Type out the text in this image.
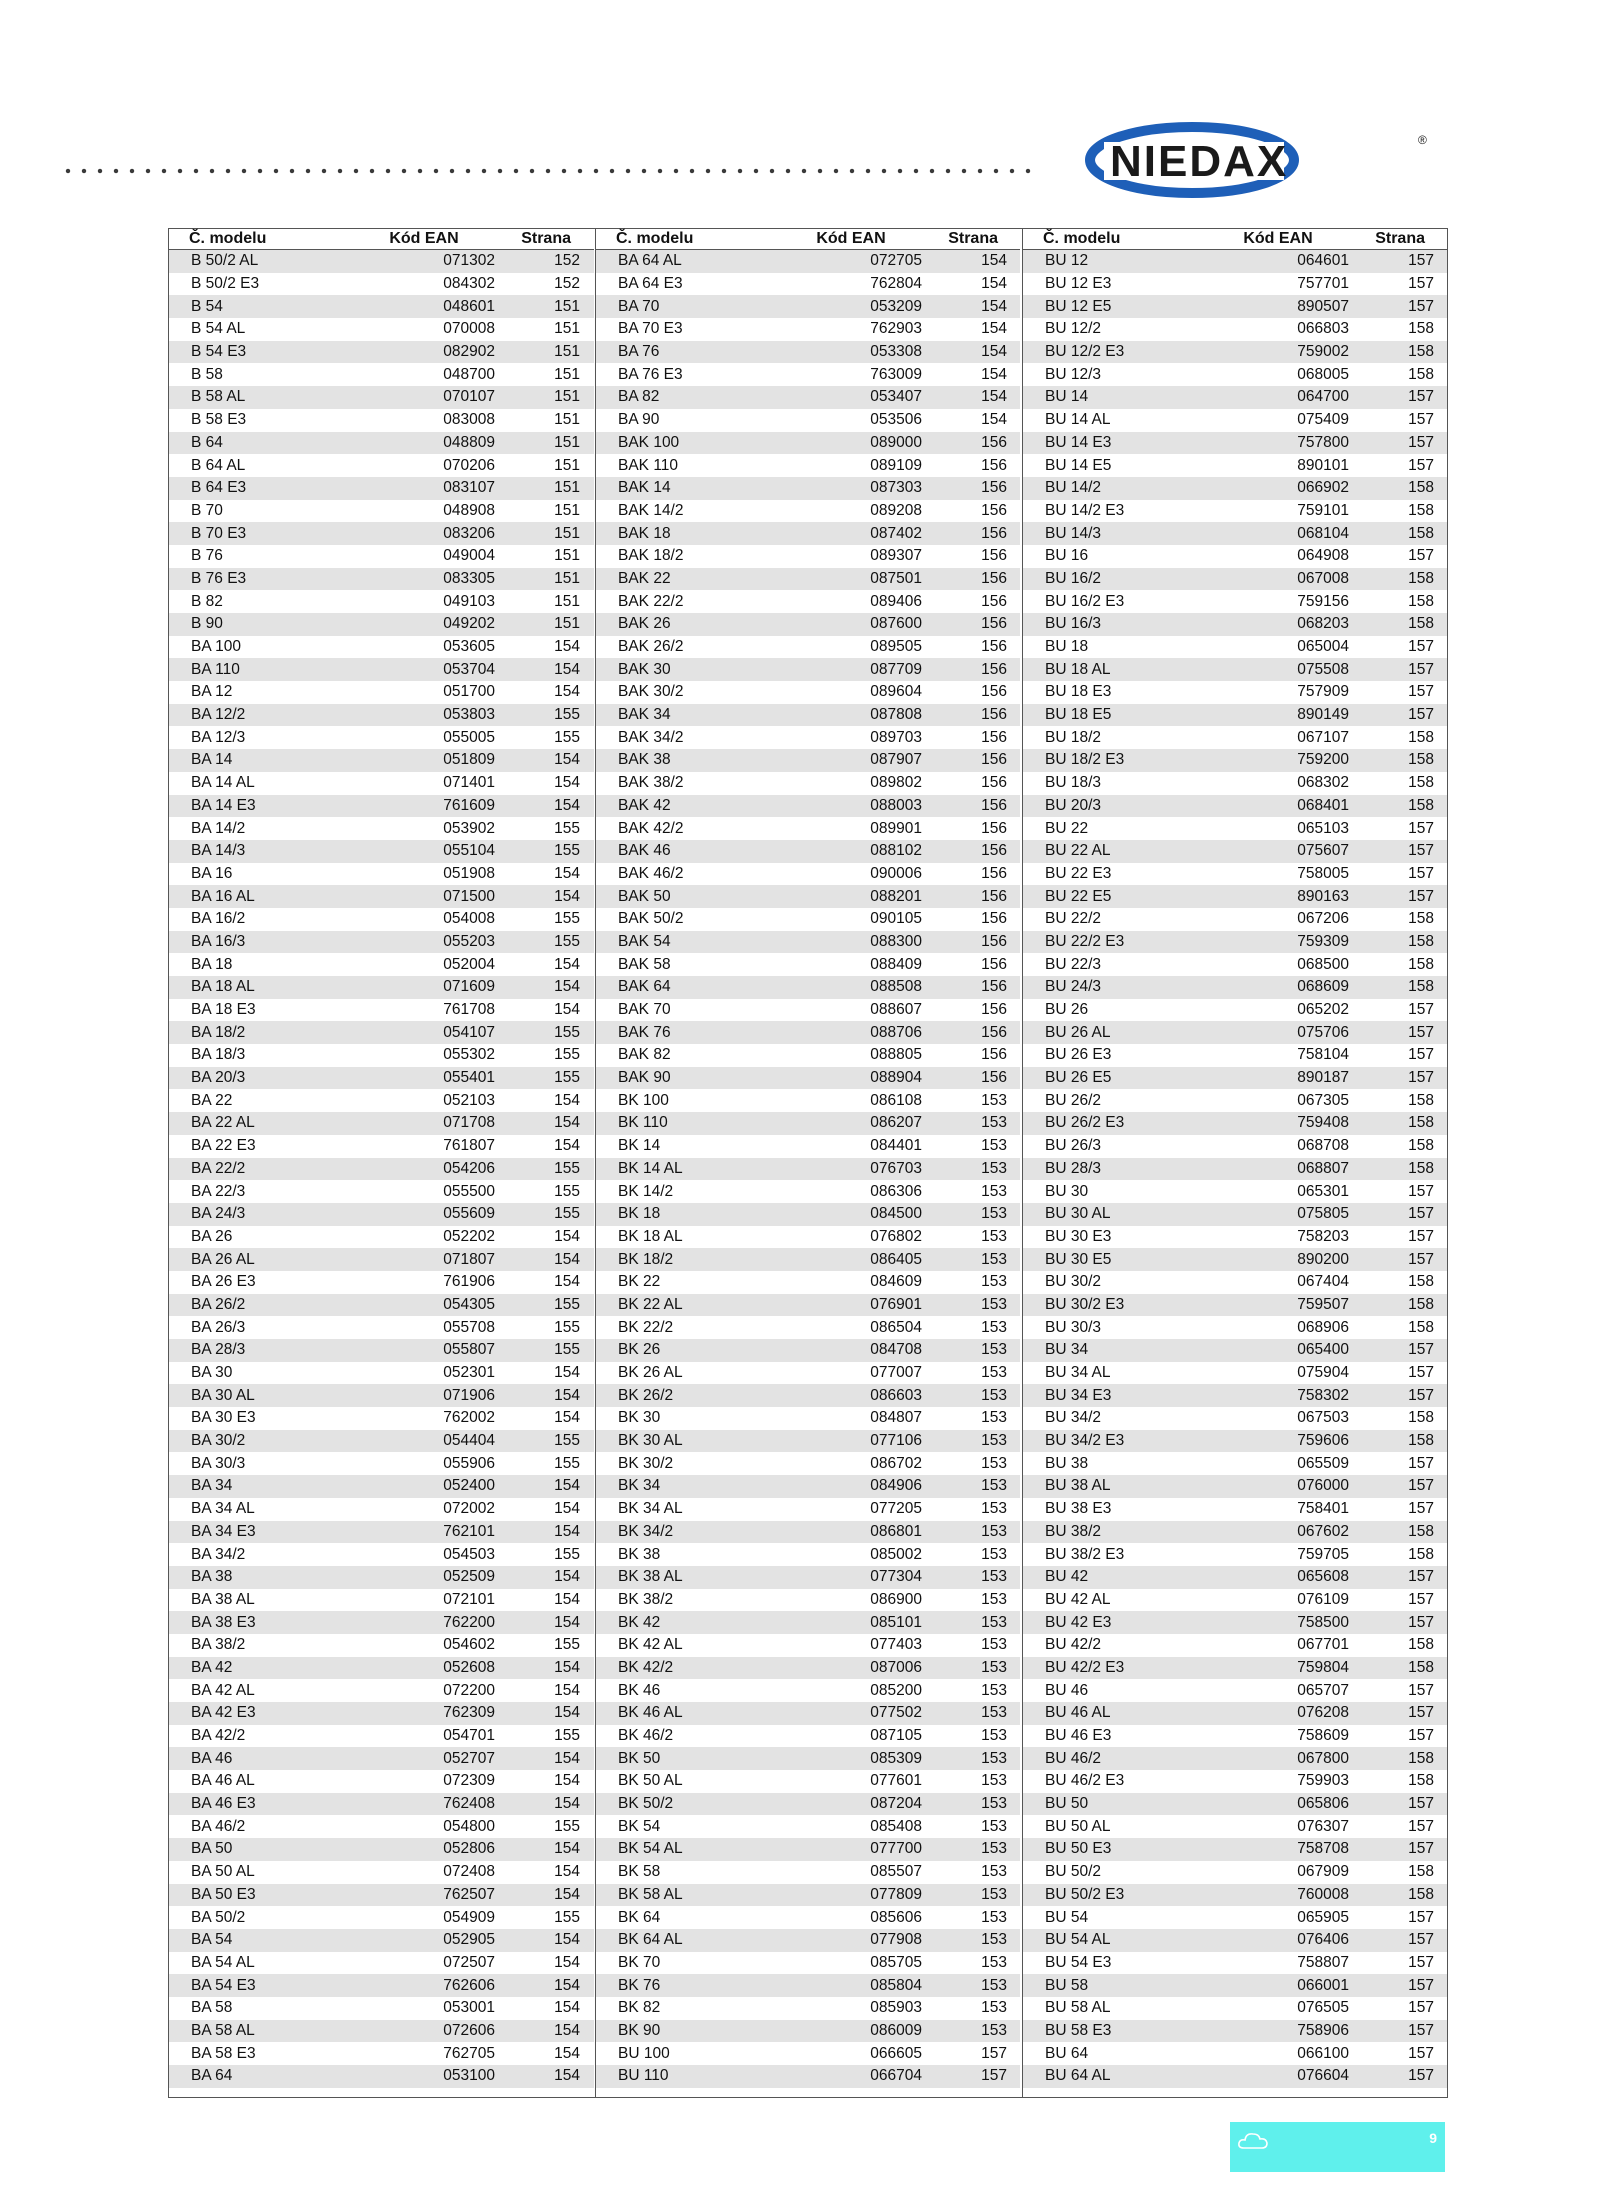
NIEDAX	®
Č. modelu	Kód EAN	Strana
B 50/2 AL	071302	152
B 50/2 E3	084302	152
B 54	048601	151
B 54 AL	070008	151
B 54 E3	082902	151
B 58	048700	151
B 58 AL	070107	151
B 58 E3	083008	151
B 64	048809	151
B 64 AL	070206	151
B 64 E3	083107	151
B 70	048908	151
B 70 E3	083206	151
B 76	049004	151
B 76 E3	083305	151
B 82	049103	151
B 90	049202	151
BA 100	053605	154
BA 110	053704	154
BA 12	051700	154
BA 12/2	053803	155
BA 12/3	055005	155
BA 14	051809	154
BA 14 AL	071401	154
BA 14 E3	761609	154
BA 14/2	053902	155
BA 14/3	055104	155
BA 16	051908	154
BA 16 AL	071500	154
BA 16/2	054008	155
BA 16/3	055203	155
BA 18	052004	154
BA 18 AL	071609	154
BA 18 E3	761708	154
BA 18/2	054107	155
BA 18/3	055302	155
BA 20/3	055401	155
BA 22	052103	154
BA 22 AL	071708	154
BA 22 E3	761807	154
BA 22/2	054206	155
BA 22/3	055500	155
BA 24/3	055609	155
BA 26	052202	154
BA 26 AL	071807	154
BA 26 E3	761906	154
BA 26/2	054305	155
BA 26/3	055708	155
BA 28/3	055807	155
BA 30	052301	154
BA 30 AL	071906	154
BA 30 E3	762002	154
BA 30/2	054404	155
BA 30/3	055906	155
BA 34	052400	154
BA 34 AL	072002	154
BA 34 E3	762101	154
BA 34/2	054503	155
BA 38	052509	154
BA 38 AL	072101	154
BA 38 E3	762200	154
BA 38/2	054602	155
BA 42	052608	154
BA 42 AL	072200	154
BA 42 E3	762309	154
BA 42/2	054701	155
BA 46	052707	154
BA 46 AL	072309	154
BA 46 E3	762408	154
BA 46/2	054800	155
BA 50	052806	154
BA 50 AL	072408	154
BA 50 E3	762507	154
BA 50/2	054909	155
BA 54	052905	154
BA 54 AL	072507	154
BA 54 E3	762606	154
BA 58	053001	154
BA 58 AL	072606	154
BA 58 E3	762705	154
BA 64	053100	154
Č. modelu	Kód EAN	Strana
BA 64 AL	072705	154
BA 64 E3	762804	154
BA 70	053209	154
BA 70 E3	762903	154
BA 76	053308	154
BA 76 E3	763009	154
BA 82	053407	154
BA 90	053506	154
BAK 100	089000	156
BAK 110	089109	156
BAK 14	087303	156
BAK 14/2	089208	156
BAK 18	087402	156
BAK 18/2	089307	156
BAK 22	087501	156
BAK 22/2	089406	156
BAK 26	087600	156
BAK 26/2	089505	156
BAK 30	087709	156
BAK 30/2	089604	156
BAK 34	087808	156
BAK 34/2	089703	156
BAK 38	087907	156
BAK 38/2	089802	156
BAK 42	088003	156
BAK 42/2	089901	156
BAK 46	088102	156
BAK 46/2	090006	156
BAK 50	088201	156
BAK 50/2	090105	156
BAK 54	088300	156
BAK 58	088409	156
BAK 64	088508	156
BAK 70	088607	156
BAK 76	088706	156
BAK 82	088805	156
BAK 90	088904	156
BK 100	086108	153
BK 110	086207	153
BK 14	084401	153
BK 14 AL	076703	153
BK 14/2	086306	153
BK 18	084500	153
BK 18 AL	076802	153
BK 18/2	086405	153
BK 22	084609	153
BK 22 AL	076901	153
BK 22/2	086504	153
BK 26	084708	153
BK 26 AL	077007	153
BK 26/2	086603	153
BK 30	084807	153
BK 30 AL	077106	153
BK 30/2	086702	153
BK 34	084906	153
BK 34 AL	077205	153
BK 34/2	086801	153
BK 38	085002	153
BK 38 AL	077304	153
BK 38/2	086900	153
BK 42	085101	153
BK 42 AL	077403	153
BK 42/2	087006	153
BK 46	085200	153
BK 46 AL	077502	153
BK 46/2	087105	153
BK 50	085309	153
BK 50 AL	077601	153
BK 50/2	087204	153
BK 54	085408	153
BK 54 AL	077700	153
BK 58	085507	153
BK 58 AL	077809	153
BK 64	085606	153
BK 64 AL	077908	153
BK 70	085705	153
BK 76	085804	153
BK 82	085903	153
BK 90	086009	153
BU 100	066605	157
BU 110	066704	157
Č. modelu	Kód EAN	Strana
BU 12	064601	157
BU 12 E3	757701	157
BU 12 E5	890507	157
BU 12/2	066803	158
BU 12/2 E3	759002	158
BU 12/3	068005	158
BU 14	064700	157
BU 14 AL	075409	157
BU 14 E3	757800	157
BU 14 E5	890101	157
BU 14/2	066902	158
BU 14/2 E3	759101	158
BU 14/3	068104	158
BU 16	064908	157
BU 16/2	067008	158
BU 16/2 E3	759156	158
BU 16/3	068203	158
BU 18	065004	157
BU 18 AL	075508	157
BU 18 E3	757909	157
BU 18 E5	890149	157
BU 18/2	067107	158
BU 18/2 E3	759200	158
BU 18/3	068302	158
BU 20/3	068401	158
BU 22	065103	157
BU 22 AL	075607	157
BU 22 E3	758005	157
BU 22 E5	890163	157
BU 22/2	067206	158
BU 22/2 E3	759309	158
BU 22/3	068500	158
BU 24/3	068609	158
BU 26	065202	157
BU 26 AL	075706	157
BU 26 E3	758104	157
BU 26 E5	890187	157
BU 26/2	067305	158
BU 26/2 E3	759408	158
BU 26/3	068708	158
BU 28/3	068807	158
BU 30	065301	157
BU 30 AL	075805	157
BU 30 E3	758203	157
BU 30 E5	890200	157
BU 30/2	067404	158
BU 30/2 E3	759507	158
BU 30/3	068906	158
BU 34	065400	157
BU 34 AL	075904	157
BU 34 E3	758302	157
BU 34/2	067503	158
BU 34/2 E3	759606	158
BU 38	065509	157
BU 38 AL	076000	157
BU 38 E3	758401	157
BU 38/2	067602	158
BU 38/2 E3	759705	158
BU 42	065608	157
BU 42 AL	076109	157
BU 42 E3	758500	157
BU 42/2	067701	158
BU 42/2 E3	759804	158
BU 46	065707	157
BU 46 AL	076208	157
BU 46 E3	758609	157
BU 46/2	067800	158
BU 46/2 E3	759903	158
BU 50	065806	157
BU 50 AL	076307	157
BU 50 E3	758708	157
BU 50/2	067909	158
BU 50/2 E3	760008	158
BU 54	065905	157
BU 54 AL	076406	157
BU 54 E3	758807	157
BU 58	066001	157
BU 58 AL	076505	157
BU 58 E3	758906	157
BU 64	066100	157
BU 64 AL	076604	157
9
